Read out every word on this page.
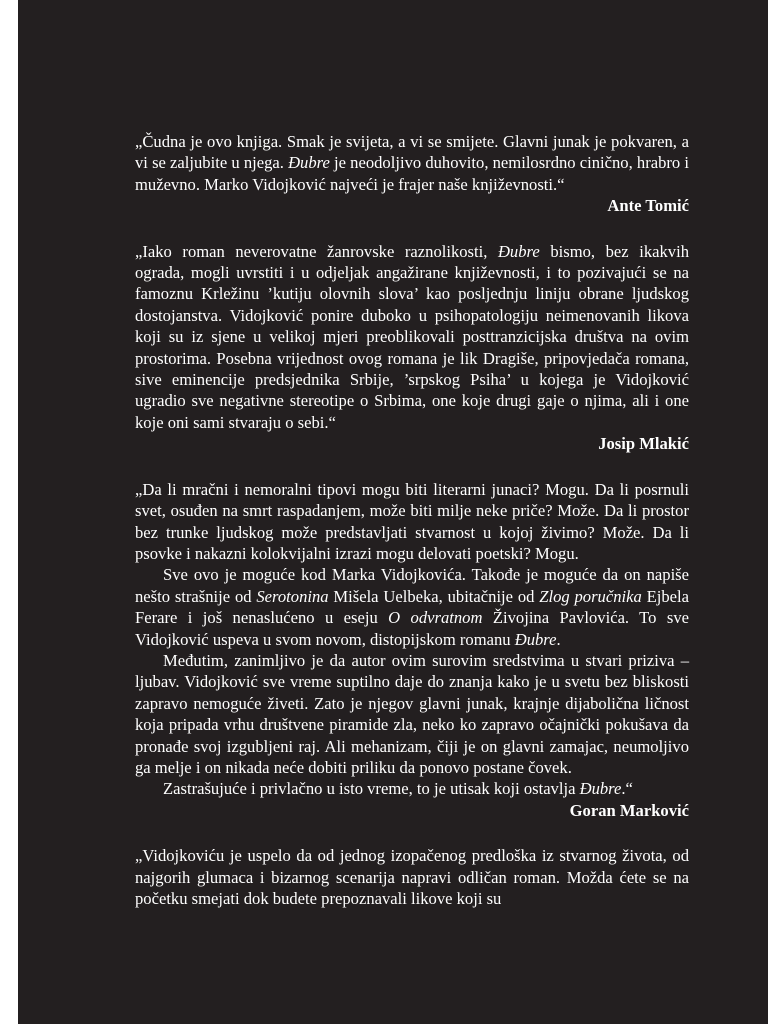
„Čudna je ovo knjiga. Smak je svijeta, a vi se smijete. Glavni junak je pokvaren, a vi se zaljubite u njega. Đubre je neodoljivo duhovito, nemilosrdno cinično, hrabro i muževno. Marko Vidojković najveći je frajer naše književnosti.“

Ante Tomić

„Iako roman neverovatne žanrovske raznolikosti, Đubre bismo, bez ikakvih ograda, mogli uvrstiti i u odjeljak angažirane književnosti, i to pozivajući se na famoznu Krležinu ’kutiju olovnih slova’ kao posljednju liniju obrane ljudskog dostojanstva. Vidojković ponire duboko u psihopatologiju neimenovanih likova koji su iz sjene u velikoj mjeri preoblikovali posttranzicijska društva na ovim prostorima. Posebna vrijednost ovog romana je lik Dragiše, pripovjedača romana, sive eminencije predsjednika Srbije, ’srpskog Psiha’ u kojega je Vidojković ugradio sve negativne stereotipe o Srbima, one koje drugi gaje o njima, ali i one koje oni sami stvaraju o sebi.“

Josip Mlakić

„Da li mračni i nemoralni tipovi mogu biti literarni junaci? Mogu. Da li posrnuli svet, osuđen na smrt raspadanjem, može biti milje neke priče? Može. Da li prostor bez trunke ljudskog može predstavljati stvarnost u kojoj živimo? Može. Da li psovke i nakazni kolokvijalni izrazi mogu delovati poetski? Mogu.

Sve ovo je moguće kod Marka Vidojkovića. Takođe je moguće da on napiše nešto strašnije od Serotonina Mišela Uelbeka, ubitačnije od Zlog poručnika Ejbela Ferare i još nenaslućeno u eseju O odvratnom Živojina Pavlovića. To sve Vidojković uspeva u svom novom, distopijskom romanu Đubre.

Međutim, zanimljivo je da autor ovim surovim sredstvima u stvari priziva – ljubav. Vidojković sve vreme suptilno daje do znanja kako je u svetu bez bliskosti zapravo nemoguće živeti. Zato je njegov glavni junak, krajnje dijabolična ličnost koja pripada vrhu društvene piramide zla, neko ko zapravo očajnički pokušava da pronađe svoj izgubljeni raj. Ali mehanizam, čiji je on glavni zamajac, neumoljivo ga melje i on nikada neće dobiti priliku da ponovo postane čovek.

Zastrašujuće i privlačno u isto vreme, to je utisak koji ostavlja Đubre.“

Goran Marković

„Vidojkoviću je uspelo da od jednog izopačenog predloška iz stvarnog života, od najgorih glumaca i bizarnog scenarija napravi odličan roman. Možda ćete se na početku smejati dok budete prepoznavali likove koji su
